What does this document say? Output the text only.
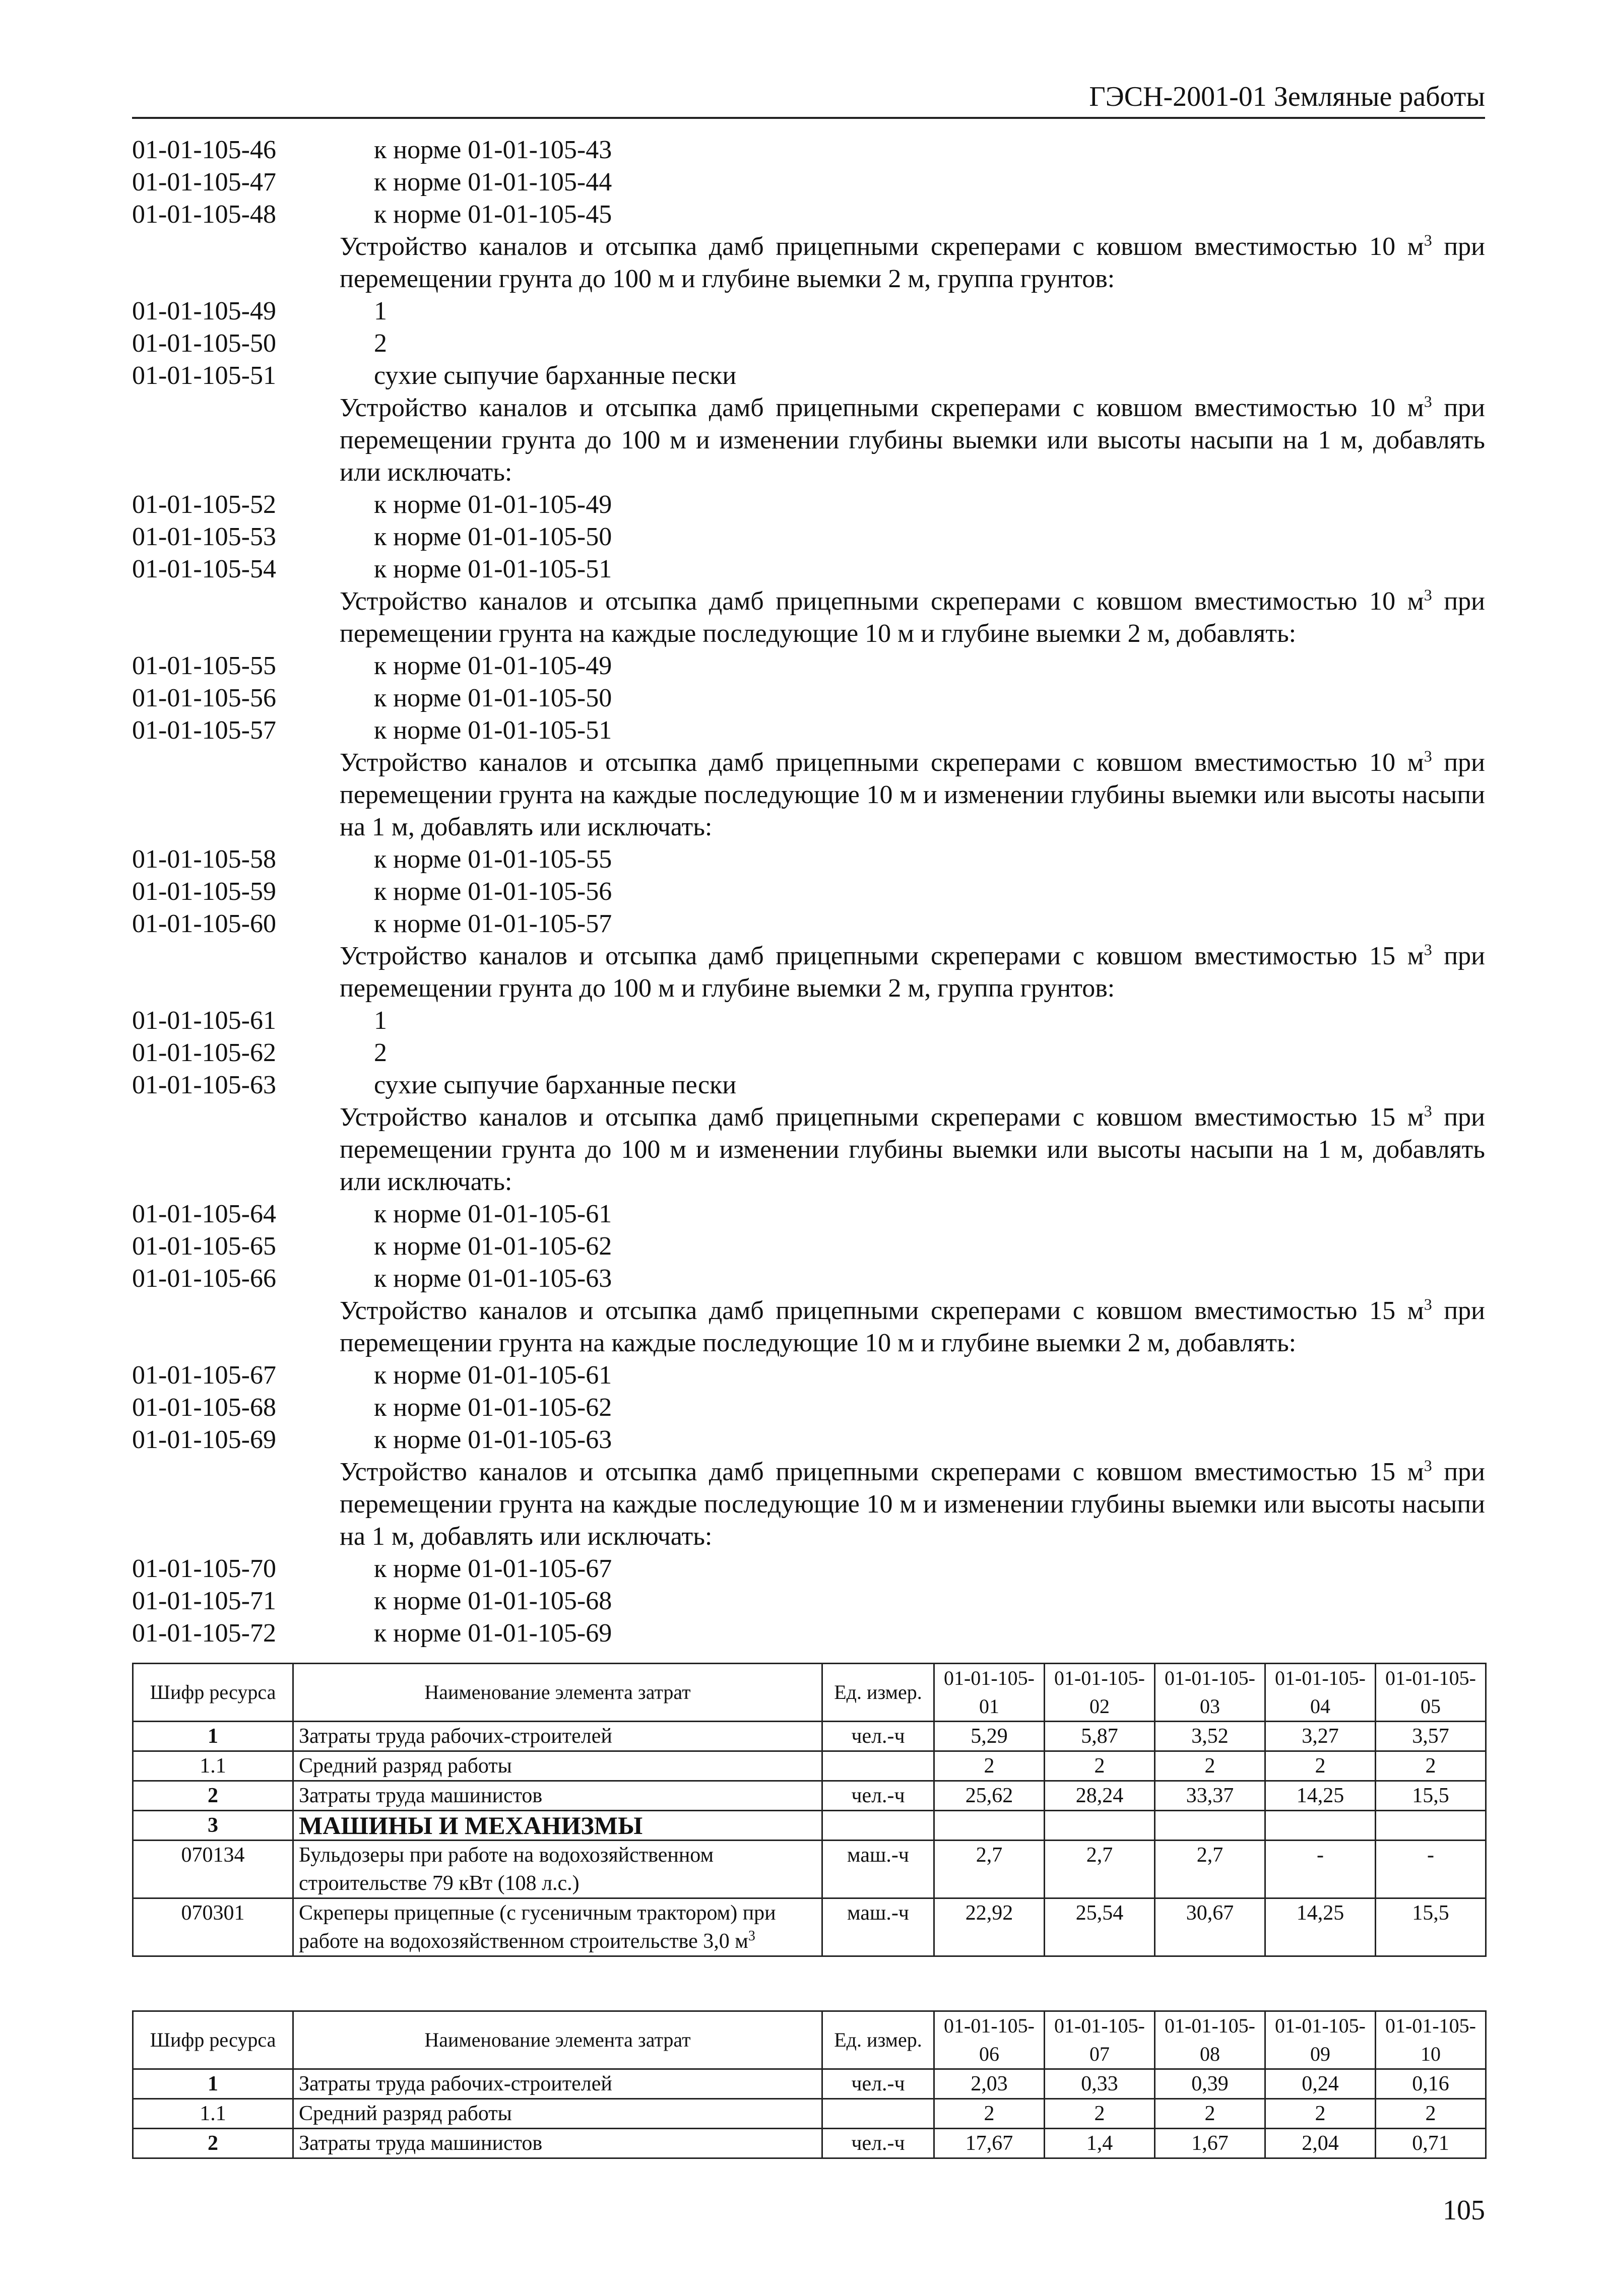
ГЭСН-2001-01 Земляные работы
01-01-105-46	к норме 01-01-105-43
01-01-105-47	к норме 01-01-105-44
01-01-105-48	к норме 01-01-105-45
Устройство каналов и отсыпка дамб прицепными скреперами с ковшом вместимостью 10 $м^3$ при перемещении грунта до 100 м и глубине выемки 2 м, группа грунтов:
01-01-105-49	1
01-01-105-50	2
01-01-105-51	сухие сыпучие барханные пески
Устройство каналов и отсыпка дамб прицепными скреперами с ковшом вместимостью 10 $м^3$ при перемещении грунта до 100 м и изменении глубины выемки или высоты насыпи на 1 м, добавлять или исключать:
01-01-105-52	к норме 01-01-105-49
01-01-105-53	к норме 01-01-105-50
01-01-105-54	к норме 01-01-105-51
Устройство каналов и отсыпка дамб прицепными скреперами с ковшом вместимостью 10 $м^3$ при перемещении грунта на каждые последующие 10 м и глубине выемки 2 м, добавлять:
01-01-105-55	к норме 01-01-105-49
01-01-105-56	к норме 01-01-105-50
01-01-105-57	к норме 01-01-105-51
Устройство каналов и отсыпка дамб прицепными скреперами с ковшом вместимостью 10 $м^3$ при перемещении грунта на каждые последующие 10 м и изменении глубины выемки или высоты насыпи на 1 м, добавлять или исключать:
01-01-105-58	к норме 01-01-105-55
01-01-105-59	к норме 01-01-105-56
01-01-105-60	к норме 01-01-105-57
Устройство каналов и отсыпка дамб прицепными скреперами с ковшом вместимостью 15 $м^3$ при перемещении грунта до 100 м и глубине выемки 2 м, группа грунтов:
01-01-105-61	1
01-01-105-62	2
01-01-105-63	сухие сыпучие барханные пески
Устройство каналов и отсыпка дамб прицепными скреперами с ковшом вместимостью 15 $м^3$ при перемещении грунта до 100 м и изменении глубины выемки или высоты насыпи на 1 м, добавлять или исключать:
01-01-105-64	к норме 01-01-105-61
01-01-105-65	к норме 01-01-105-62
01-01-105-66	к норме 01-01-105-63
Устройство каналов и отсыпка дамб прицепными скреперами с ковшом вместимостью 15 $м^3$ при перемещении грунта на каждые последующие 10 м и глубине выемки 2 м, добавлять:
01-01-105-67	к норме 01-01-105-61
01-01-105-68	к норме 01-01-105-62
01-01-105-69	к норме 01-01-105-63
Устройство каналов и отсыпка дамб прицепными скреперами с ковшом вместимостью 15 $м^3$ при перемещении грунта на каждые последующие 10 м и изменении глубины выемки или высоты насыпи на 1 м, добавлять или исключать:
01-01-105-70	к норме 01-01-105-67
01-01-105-71	к норме 01-01-105-68
01-01-105-72	к норме 01-01-105-69
Шифр ресурса	Наименование элемента затрат	Ед. измер.	01-01-105-01	01-01-105-02	01-01-105-03	01-01-105-04	01-01-105-05
1	Затраты труда рабочих-строителей	чел.-ч	5,29	5,87	3,52	3,27	3,57
1.1	Средний разряд работы		2	2	2	2	2
2	Затраты труда машинистов	чел.-ч	25,62	28,24	33,37	14,25	15,5
3	МАШИНЫ И МЕХАНИЗМЫ						
070134	Бульдозеры при работе на водохозяйственном строительстве 79 кВт (108 л.с.)	маш.-ч	2,7	2,7	2,7	-	-
070301	Скреперы прицепные (с гусеничным трактором) при работе на водохозяйственном строительстве 3,0 $м^3$	маш.-ч	22,92	25,54	30,67	14,25	15,5
Шифр ресурса	Наименование элемента затрат	Ед. измер.	01-01-105-06	01-01-105-07	01-01-105-08	01-01-105-09	01-01-105-10
1	Затраты труда рабочих-строителей	чел.-ч	2,03	0,33	0,39	0,24	0,16
1.1	Средний разряд работы		2	2	2	2	2
2	Затраты труда машинистов	чел.-ч	17,67	1,4	1,67	2,04	0,71
105
